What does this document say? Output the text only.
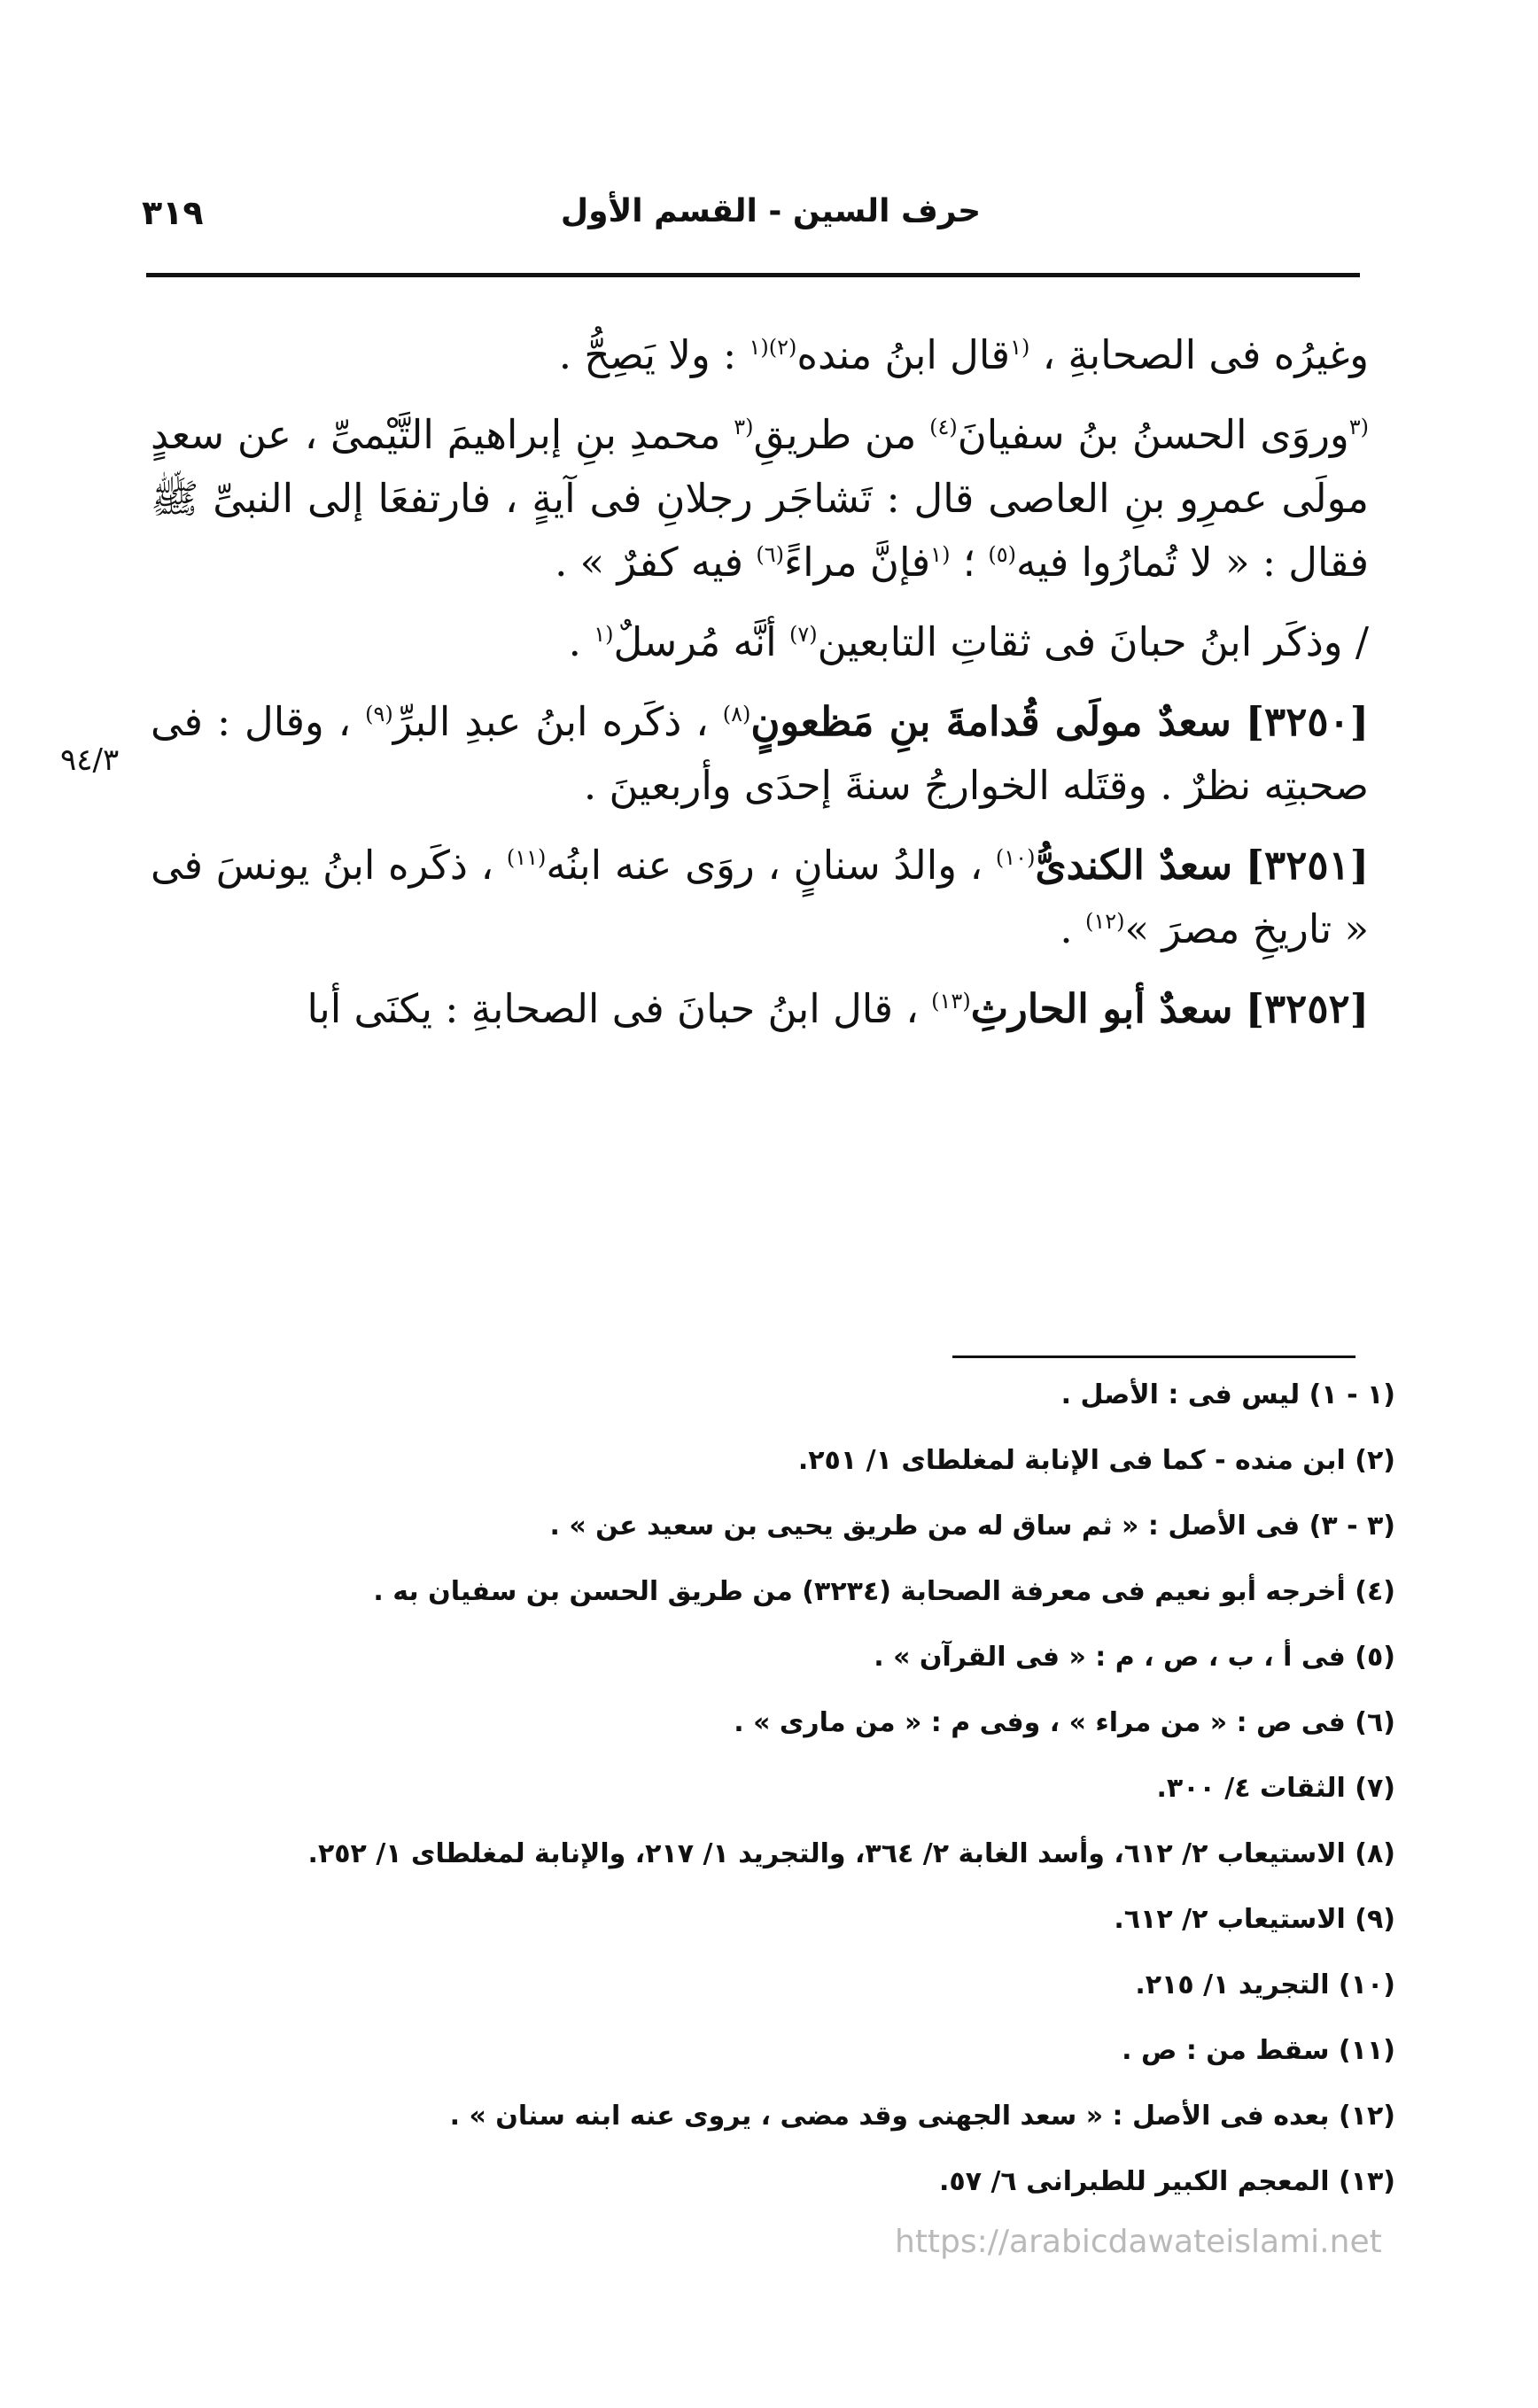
حرف السين - القسم الأول
٣١٩
٩٤/٣

وغيرُه فى الصحابةِ ، $^{(١}$قال ابنُ منده$^{(٢)(١}$ : ولا يَصِحُّ .

$^{(٣}$وروَى الحسنُ بنُ سفيانَ$^{(٤)}$ من طريقِ$^{(٣}$ محمدِ بنِ إبراهيمَ التَّيْمىِّ ، عن سعدٍ مولَى عمرِو بنِ العاصى قال : تَشاجَر رجلانِ فى آيةٍ ، فارتفعَا إلى النبىِّ ﷺ فقال : « لا تُمارُوا فيه$^{(٥)}$ ؛ $^{(١}$فإنَّ مراءً$^{(٦)}$ فيه كفرٌ » .

/ وذكَر ابنُ حبانَ فى ثقاتِ التابعين$^{(٧)}$ أنَّه مُرسلٌ$^{(١}$ .

[٣٢٥٠] سعدٌ مولَى قُدامةَ بنِ مَظعونٍ$^{(٨)}$ ، ذكَره ابنُ عبدِ البرِّ$^{(٩)}$ ، وقال : فى صحبتِه نظرٌ . وقتَله الخوارجُ سنةَ إحدَى وأربعينَ .

[٣٢٥١] سعدٌ الكندىُّ$^{(١٠)}$ ، والدُ سنانٍ ، روَى عنه ابنُه$^{(١١)}$ ، ذكَره ابنُ يونسَ فى « تاريخِ مصرَ »$^{(١٢)}$ .

[٣٢٥٢] سعدٌ أبو الحارثِ$^{(١٣)}$ ، قال ابنُ حبانَ فى الصحابةِ : يكنَى أبا

(١ - ١) ليس فى : الأصل .
(٢) ابن منده - كما فى الإنابة لمغلطاى ١/ ٢٥١.
(٣ - ٣) فى الأصل : « ثم ساق له من طريق يحيى بن سعيد عن » .
(٤) أخرجه أبو نعيم فى معرفة الصحابة (٣٢٣٤) من طريق الحسن بن سفيان به .
(٥) فى أ ، ب ، ص ، م : « فى القرآن » .
(٦) فى ص : « من مراء » ، وفى م : « من مارى » .
(٧) الثقات ٤/ ٣٠٠.
(٨) الاستيعاب ٢/ ٦١٢، وأسد الغابة ٢/ ٣٦٤، والتجريد ١/ ٢١٧، والإنابة لمغلطاى ١/ ٢٥٢.
(٩) الاستيعاب ٢/ ٦١٢.
(١٠) التجريد ١/ ٢١٥.
(١١) سقط من : ص .
(١٢) بعده فى الأصل : « سعد الجهنى وقد مضى ، يروى عنه ابنه سنان » .
(١٣) المعجم الكبير للطبرانى ٦/ ٥٧.
https://arabicdawateislami.net
